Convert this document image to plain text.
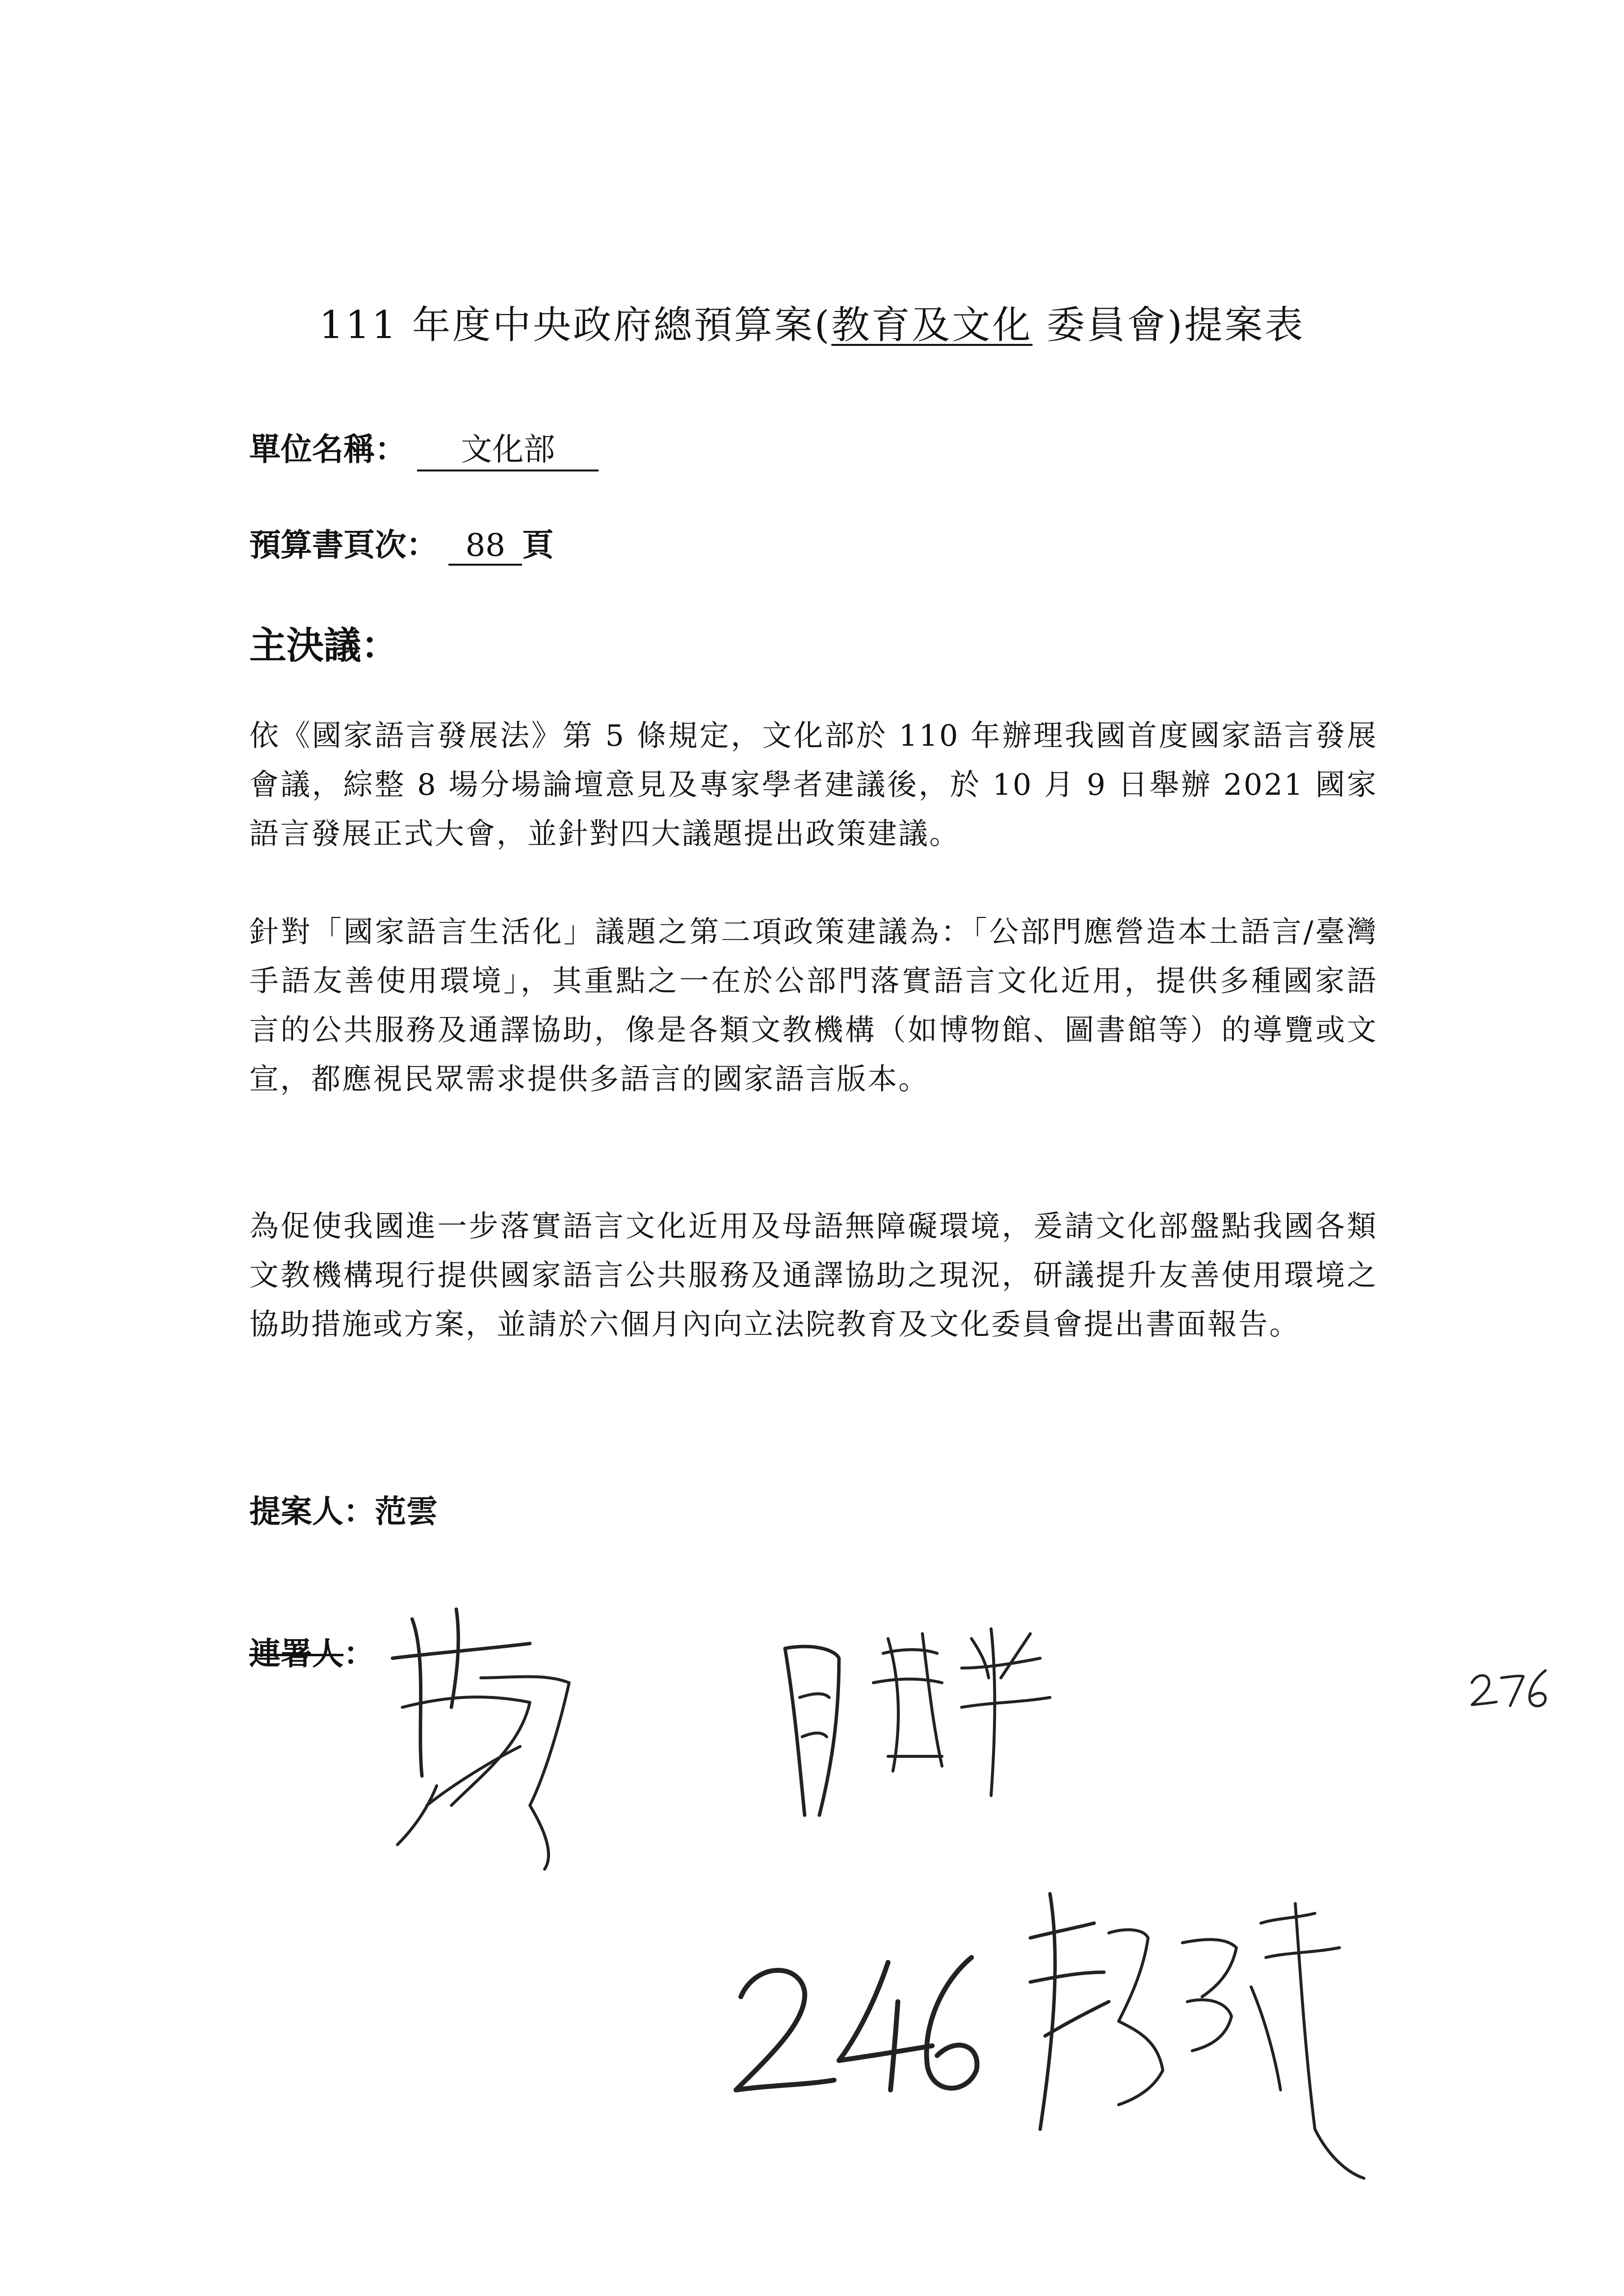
111 年度中央政府總預算案(教育及文化 委員會)提案表
單位名稱： 文化部
預算書頁次： 88 頁
主決議：
依《國家語言發展法》第 5 條規定，文化部於 110 年辦理我國首度國家語言發展會議，綜整 8 場分場論壇意見及專家學者建議後，於 10 月 9 日舉辦 2021 國家語言發展正式大會，並針對四大議題提出政策建議。
針對「國家語言生活化」議題之第二項政策建議為：「公部門應營造本土語言/臺灣手語友善使用環境」，其重點之一在於公部門落實語言文化近用，提供多種國家語言的公共服務及通譯協助，像是各類文教機構（如博物館、圖書館等）的導覽或文宣，都應視民眾需求提供多語言的國家語言版本。
為促使我國進一步落實語言文化近用及母語無障礙環境，爰請文化部盤點我國各類文教機構現行提供國家語言公共服務及通譯協助之現況，研議提升友善使用環境之協助措施或方案，並請於六個月內向立法院教育及文化委員會提出書面報告。
提案人：范雲
連署人：
